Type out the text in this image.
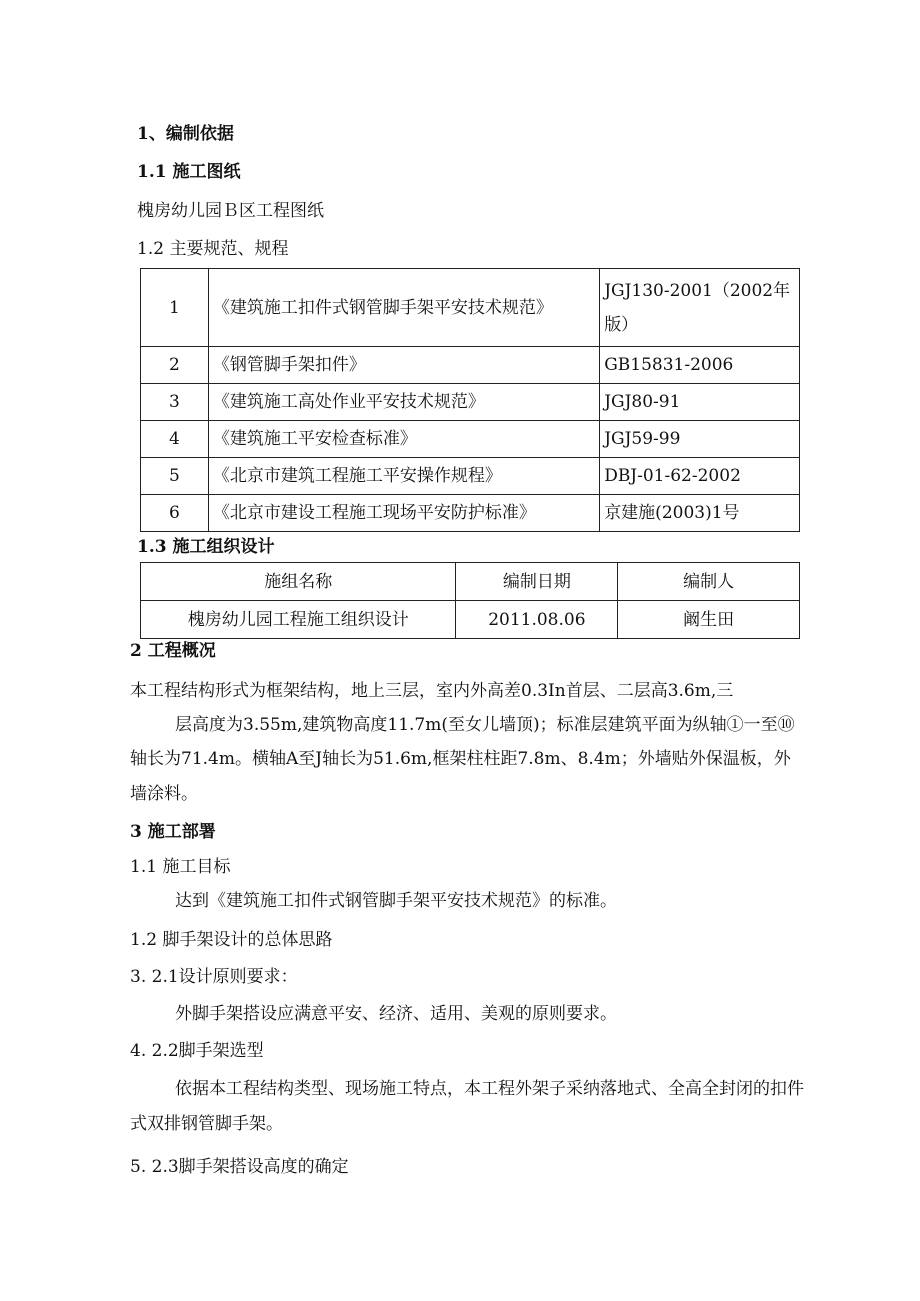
1、编制依据
1.1 施工图纸
槐房幼儿园Ｂ区工程图纸
1.2 主要规范、规程
1	《建筑施工扣件式钢管脚手架平安技术规范》	JGJ130-2001（2002年
版）

2	《钢管脚手架扣件》	GB15831-2006
3	《建筑施工高处作业平安技术规范》	JGJ80-91
4	《建筑施工平安检查标准》	JGJ59-99
5	《北京市建筑工程施工平安操作规程》	DBJ-01-62-2002
6	《北京市建设工程施工现场平安防护标准》	京建施(2003)1号
1.3 施工组织设计
施组名称	编制日期	编制人
槐房幼儿园工程施工组织设计	2011.08.06	阚生田
2 工程概况
本工程结构形式为框架结构，地上三层，室内外高差0.3In首层、二层高3.6m,三
层高度为3.55m,建筑物高度11.7m(至女儿墙顶)；标准层建筑平面为纵轴①一至⑩
轴长为71.4m。横轴A至J轴长为51.6m,框架柱柱距7.8m、8.4m；外墙贴外保温板，外
墙涂料。
3 施工部署
1.1 施工目标
达到《建筑施工扣件式钢管脚手架平安技术规范》的标准。
1.2 脚手架设计的总体思路
3. 2.1设计原则要求：
外脚手架搭设应满意平安、经济、适用、美观的原则要求。
4. 2.2脚手架选型
依据本工程结构类型、现场施工特点，本工程外架子采纳落地式、全高全封闭的扣件
式双排钢管脚手架。
5. 2.3脚手架搭设高度的确定
